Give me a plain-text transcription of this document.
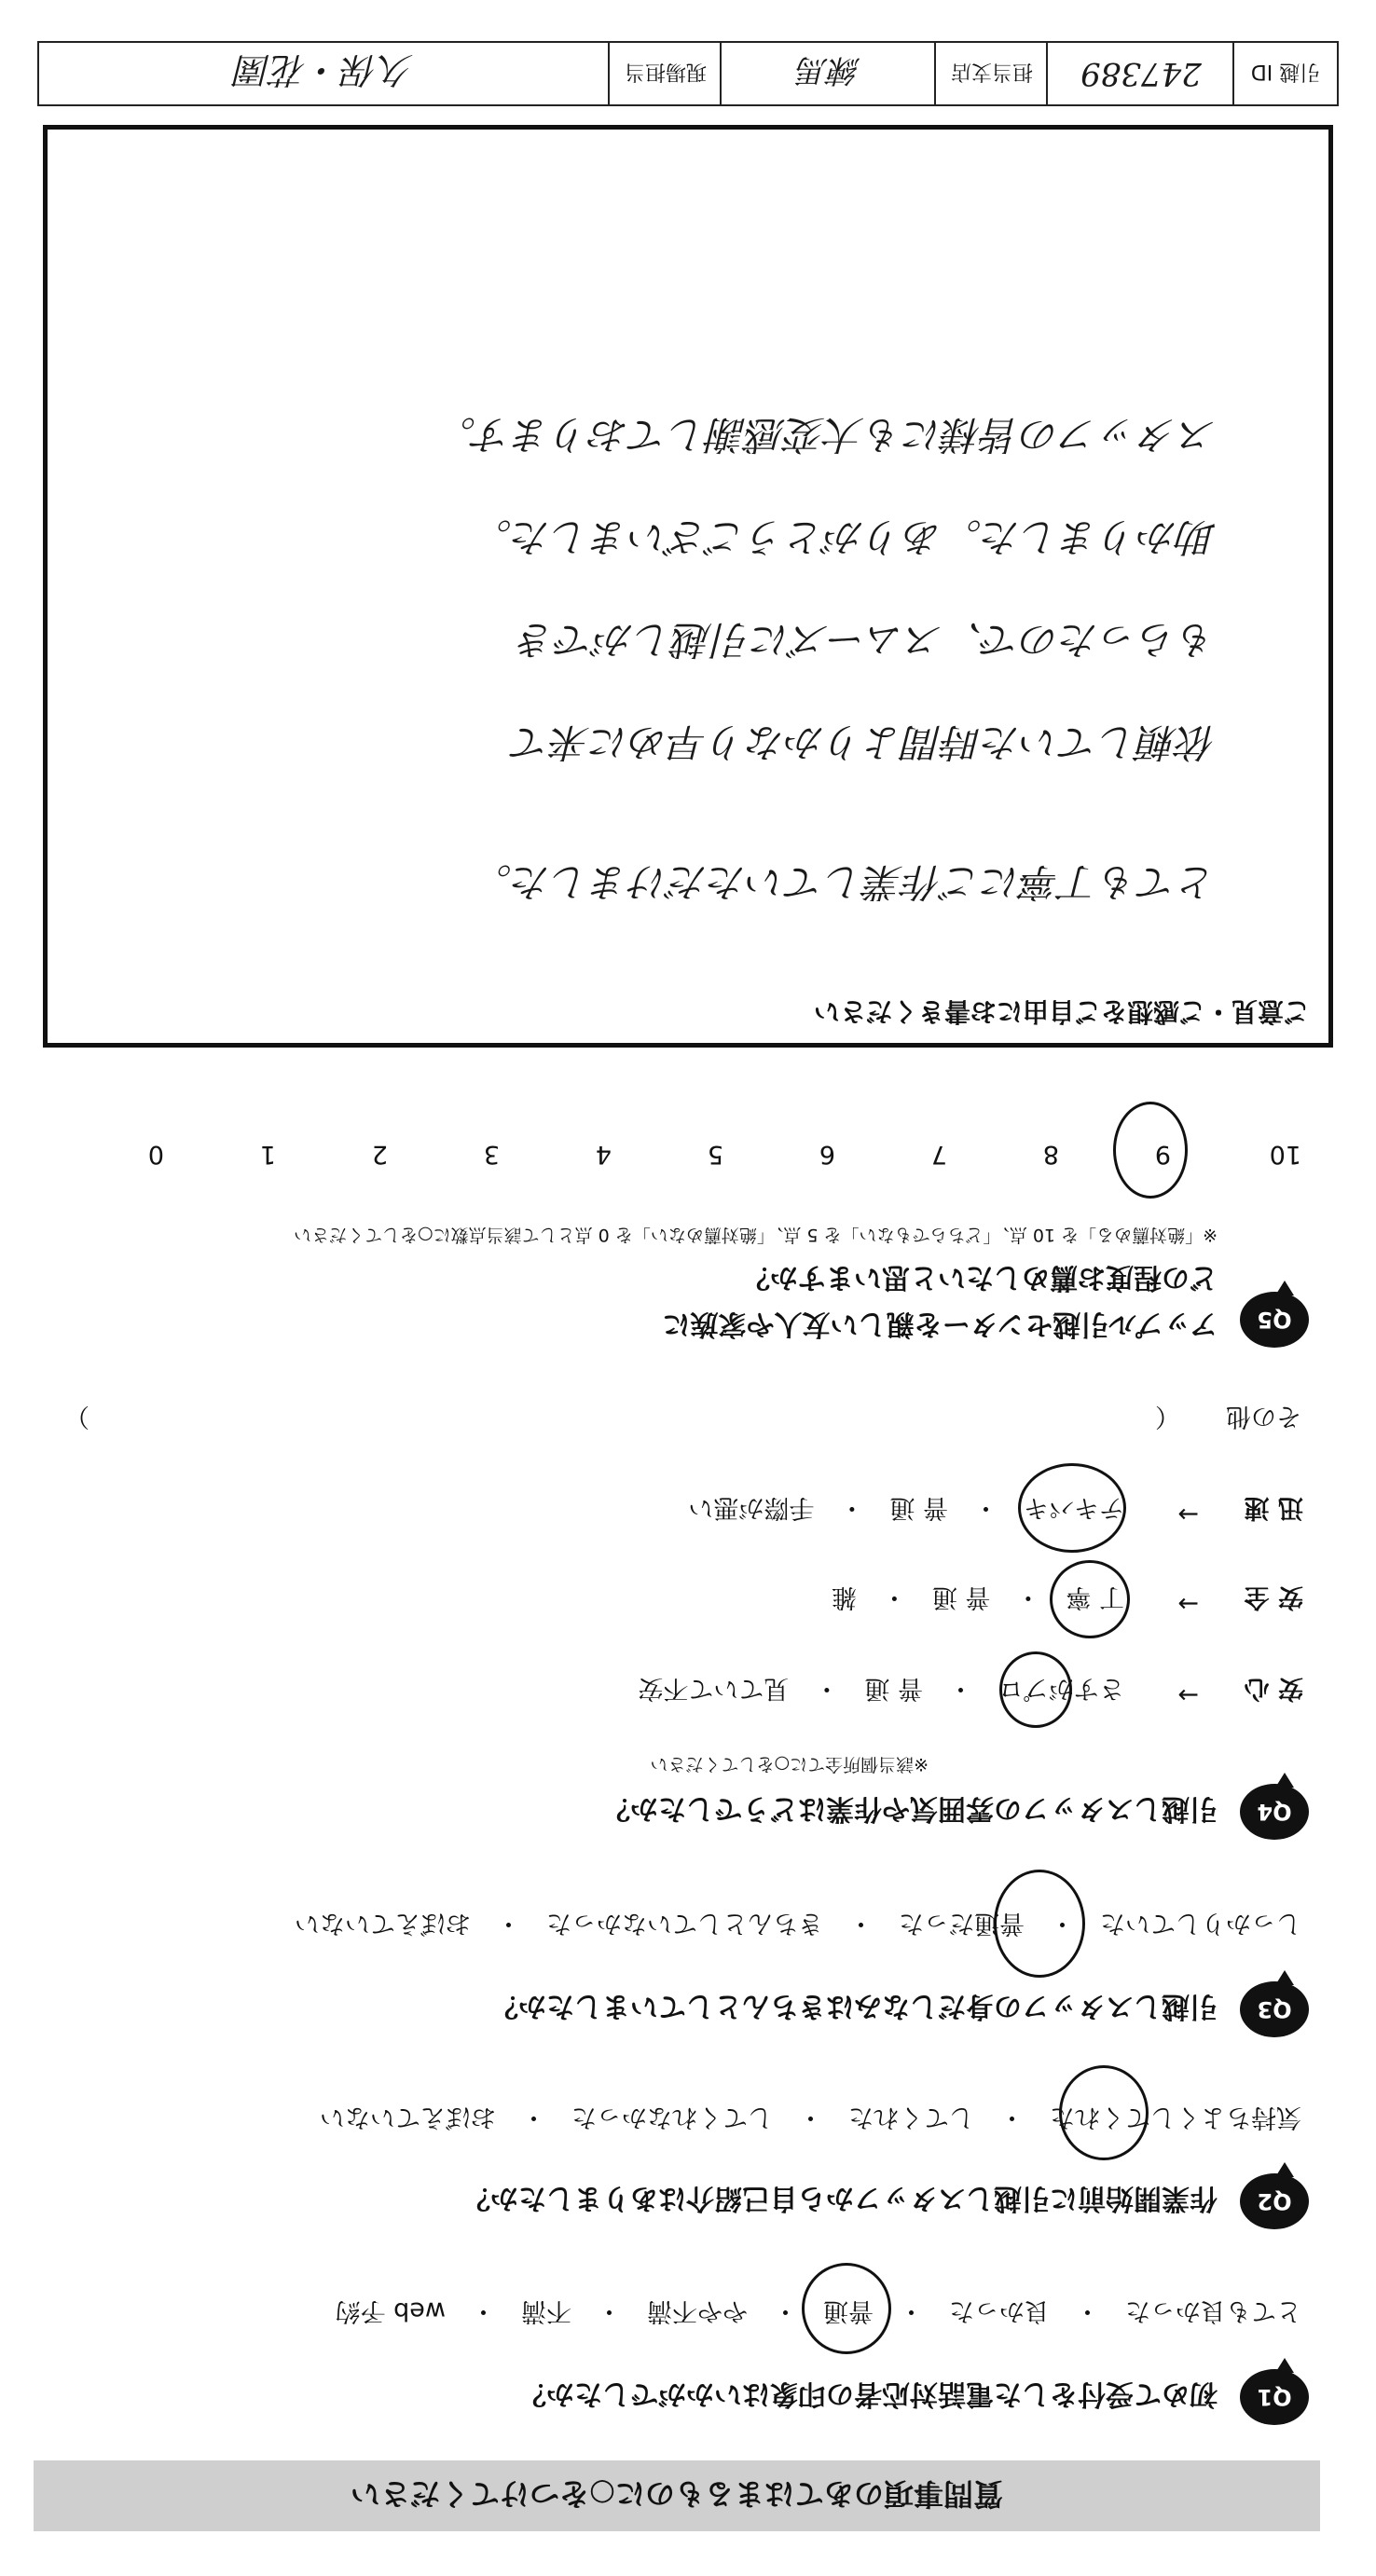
質問事項のあてはまるものに○をつけてください
Q1
初めて受付をした電話対応者の印象はいかがでしたか？
とても良かった　・　良かった　・　普通　・　やや不満　・　不満　・　web 予約
Q2
作業開始前に引越しスタッフから自己紹介はありましたか？
気持ちよくしてくれた　・　してくれた　・　してくれなかった　・　おぼえていない
Q3
引越しスタッフの身だしなみはきちんとしていましたか？
しっかりしていた　・　普通だった　・　きちんとしていなかった　・　おぼえていない
Q4
引越しスタッフの雰囲気や作業はどうでしたか？
※該当個所全てに○をしてください
安 心
→
さすがプロ　・　普 通　・　見ていて不安
安 全
→
丁 寧　・　普 通　・　雑
迅 速
→
テキパキ　・　普 通　・　手際が悪い
その他
（
）
Q5
アップル引越センターを親しい友人や家族に
どの程度お薦めしたいと思いますか？
※「絶対薦める」を 10 点、「どちらでもない」を 5 点、「絶対薦めない」を 0 点として該当点数に○をしてください
10
9
8
7
6
5
4
3
2
1
0
ご意見・ご感想をご自由にお書きください
とても丁寧にご作業していただけました。
依頼していた時間よりかなり早めに来て
もらったので、スムーズに引越しができ
助かりました。ありがとうございました。
スタッフの皆様にも大変感謝しております。
引越 ID
247389
担当支店
練馬
現場担当
久保・花園
